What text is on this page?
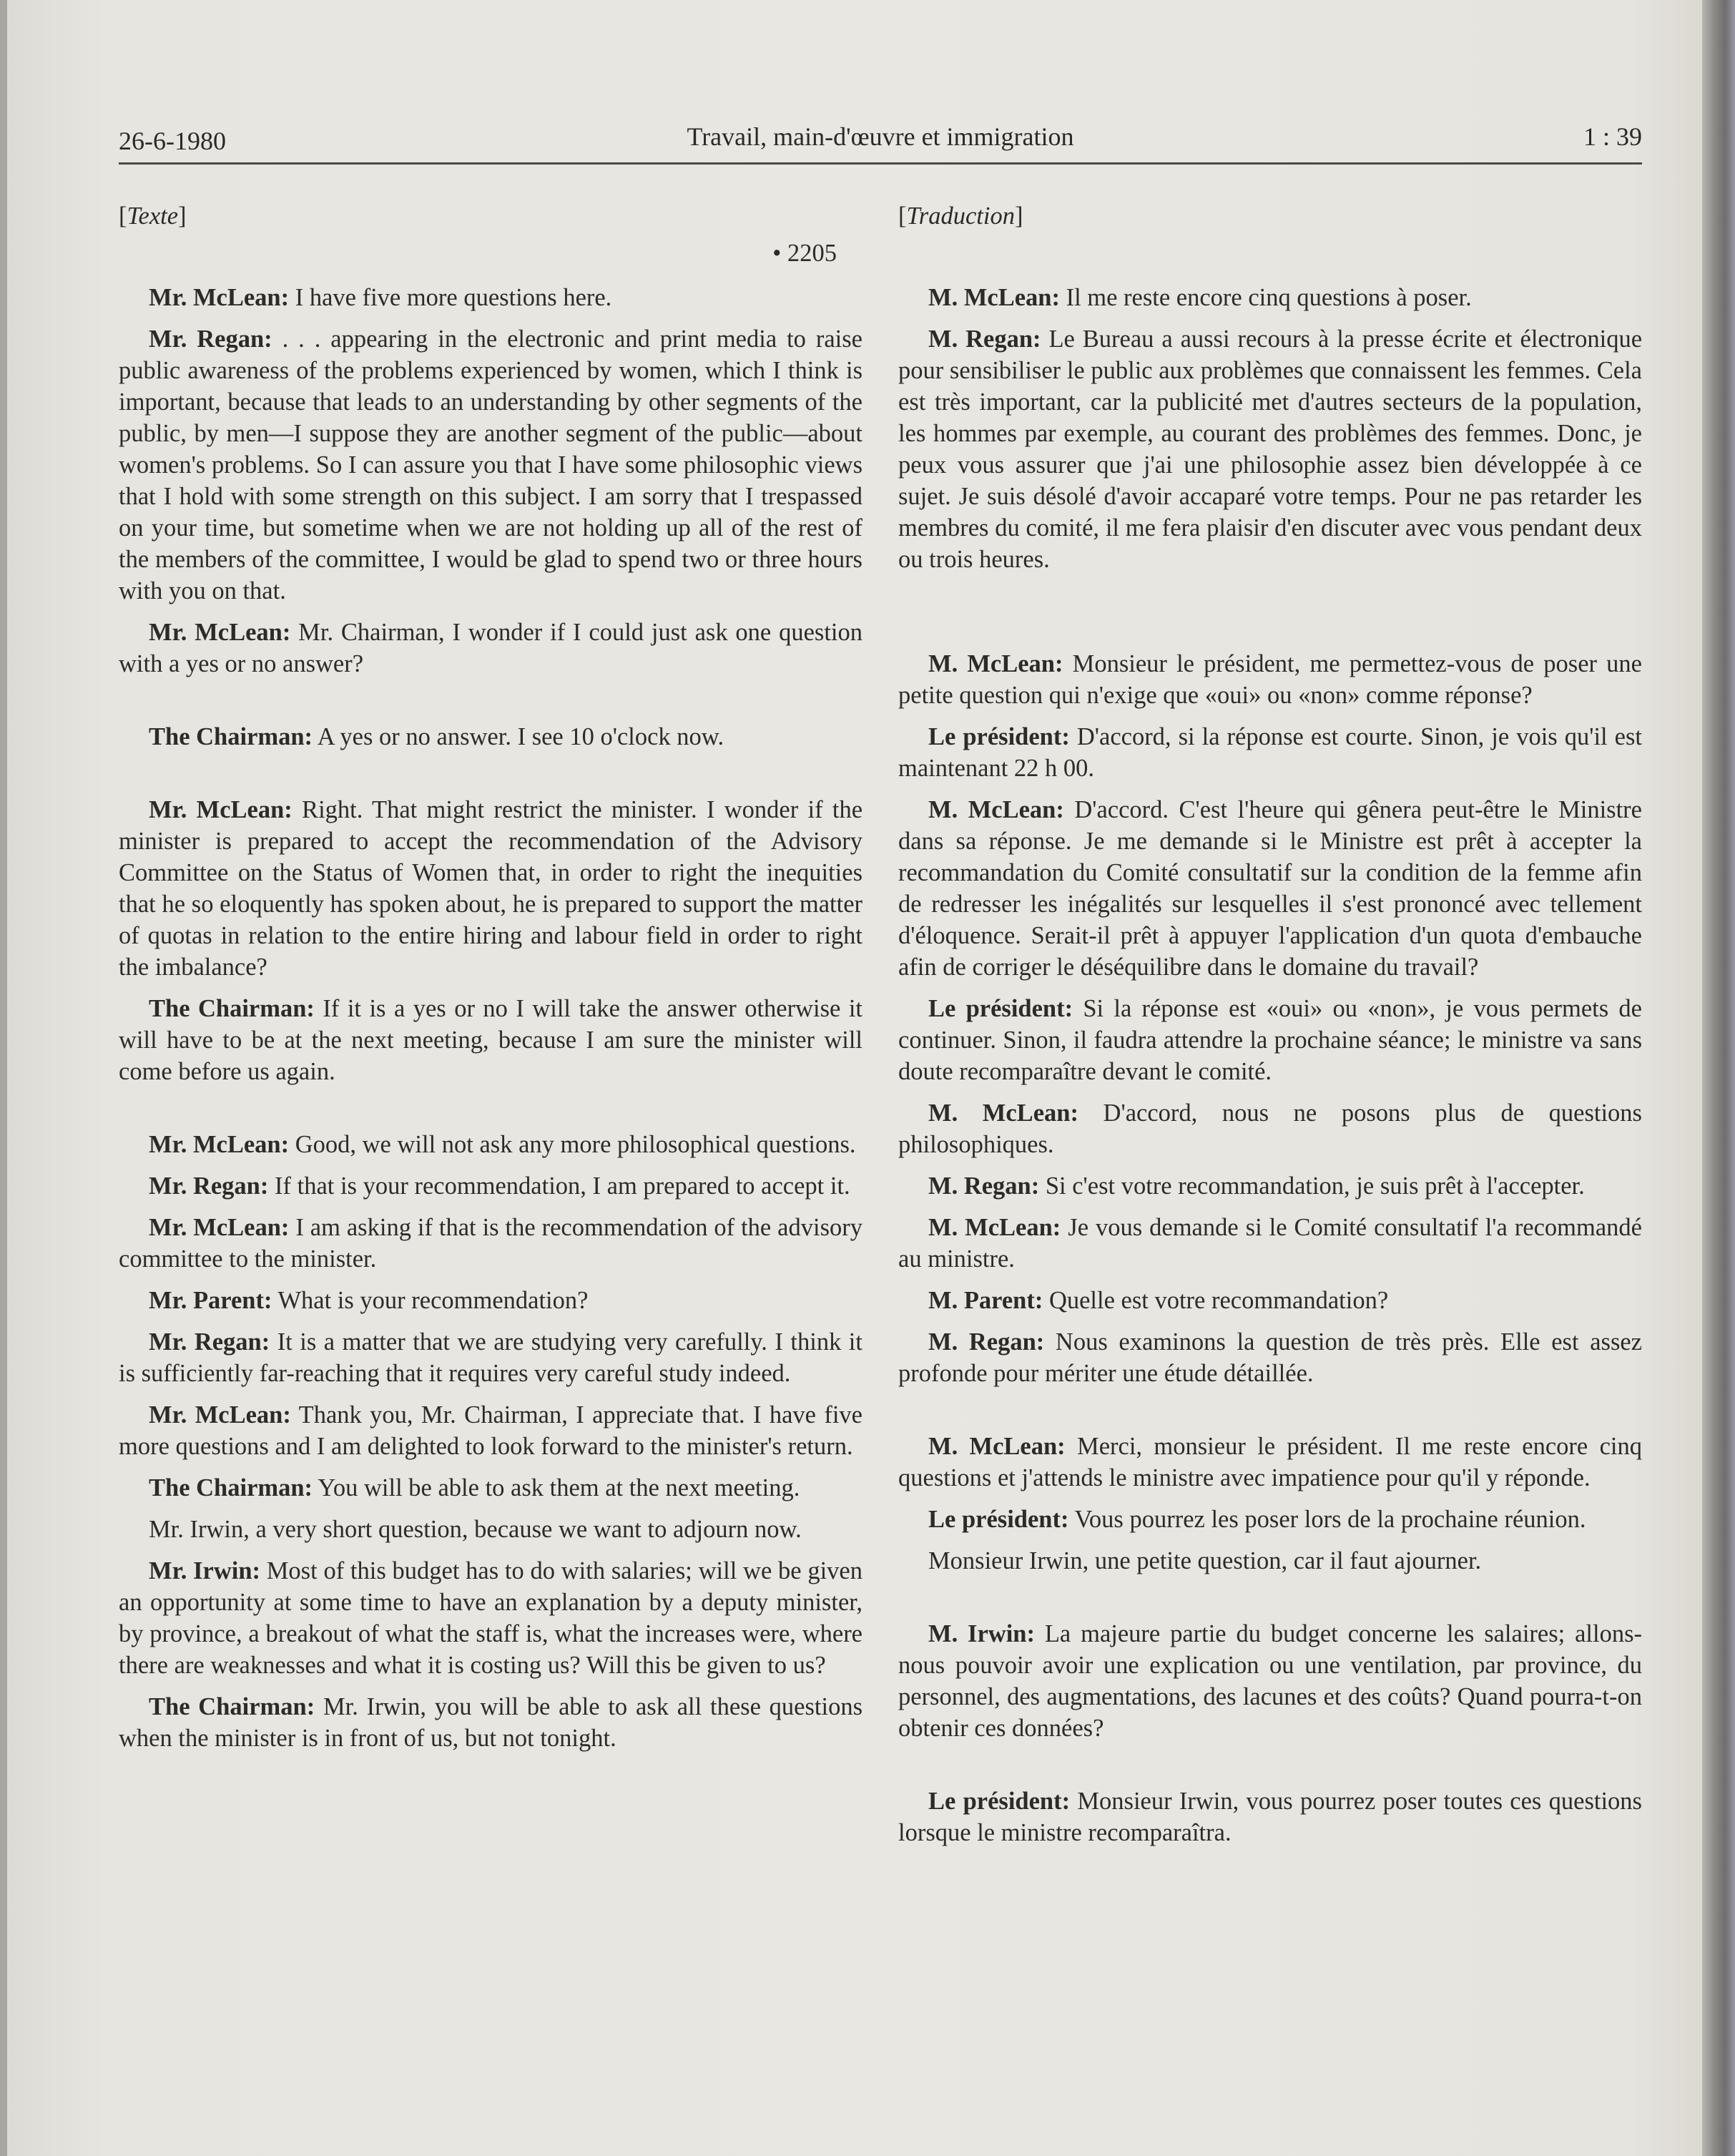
26-6-1980	Travail, main-d'œuvre et immigration	1 : 39
[Texte]
• 2205

Mr. McLean: I have five more questions here.

Mr. Regan: . . . appearing in the electronic and print media to raise public awareness of the problems experienced by women, which I think is important, because that leads to an understanding by other segments of the public, by men—I suppose they are another segment of the public—about women's problems. So I can assure you that I have some philosophic views that I hold with some strength on this subject. I am sorry that I trespassed on your time, but sometime when we are not holding up all of the rest of the members of the committee, I would be glad to spend two or three hours with you on that.

Mr. McLean: Mr. Chairman, I wonder if I could just ask one question with a yes or no answer?

The Chairman: A yes or no answer. I see 10 o'clock now.

Mr. McLean: Right. That might restrict the minister. I wonder if the minister is prepared to accept the recommendation of the Advisory Committee on the Status of Women that, in order to right the inequities that he so eloquently has spoken about, he is prepared to support the matter of quotas in relation to the entire hiring and labour field in order to right the imbalance?

The Chairman: If it is a yes or no I will take the answer otherwise it will have to be at the next meeting, because I am sure the minister will come before us again.

Mr. McLean: Good, we will not ask any more philosophical questions.

Mr. Regan: If that is your recommendation, I am prepared to accept it.

Mr. McLean: I am asking if that is the recommendation of the advisory committee to the minister.

Mr. Parent: What is your recommendation?

Mr. Regan: It is a matter that we are studying very carefully. I think it is sufficiently far-reaching that it requires very careful study indeed.

Mr. McLean: Thank you, Mr. Chairman, I appreciate that. I have five more questions and I am delighted to look forward to the minister's return.

The Chairman: You will be able to ask them at the next meeting.

Mr. Irwin, a very short question, because we want to adjourn now.

Mr. Irwin: Most of this budget has to do with salaries; will we be given an opportunity at some time to have an explanation by a deputy minister, by province, a breakout of what the staff is, what the increases were, where there are weaknesses and what it is costing us? Will this be given to us?

The Chairman: Mr. Irwin, you will be able to ask all these questions when the minister is in front of us, but not tonight.

[Traduction]

M. McLean: Il me reste encore cinq questions à poser.

M. Regan: Le Bureau a aussi recours à la presse écrite et électronique pour sensibiliser le public aux problèmes que connaissent les femmes. Cela est très important, car la publicité met d'autres secteurs de la population, les hommes par exemple, au courant des problèmes des femmes. Donc, je peux vous assurer que j'ai une philosophie assez bien développée à ce sujet. Je suis désolé d'avoir accaparé votre temps. Pour ne pas retarder les membres du comité, il me fera plaisir d'en discuter avec vous pendant deux ou trois heures.

M. McLean: Monsieur le président, me permettez-vous de poser une petite question qui n'exige que «oui» ou «non» comme réponse?

Le président: D'accord, si la réponse est courte. Sinon, je vois qu'il est maintenant 22 h 00.

M. McLean: D'accord. C'est l'heure qui gênera peut-être le Ministre dans sa réponse. Je me demande si le Ministre est prêt à accepter la recommandation du Comité consultatif sur la condition de la femme afin de redresser les inégalités sur lesquelles il s'est prononcé avec tellement d'éloquence. Serait-il prêt à appuyer l'application d'un quota d'embauche afin de corriger le déséquilibre dans le domaine du travail?

Le président: Si la réponse est «oui» ou «non», je vous permets de continuer. Sinon, il faudra attendre la prochaine séance; le ministre va sans doute recomparaître devant le comité.

M. McLean: D'accord, nous ne posons plus de questions philosophiques.

M. Regan: Si c'est votre recommandation, je suis prêt à l'accepter.

M. McLean: Je vous demande si le Comité consultatif l'a recommandé au ministre.

M. Parent: Quelle est votre recommandation?

M. Regan: Nous examinons la question de très près. Elle est assez profonde pour mériter une étude détaillée.

M. McLean: Merci, monsieur le président. Il me reste encore cinq questions et j'attends le ministre avec impatience pour qu'il y réponde.

Le président: Vous pourrez les poser lors de la prochaine réunion.

Monsieur Irwin, une petite question, car il faut ajourner.

M. Irwin: La majeure partie du budget concerne les salaires; allons-nous pouvoir avoir une explication ou une ventilation, par province, du personnel, des augmentations, des lacunes et des coûts? Quand pourra-t-on obtenir ces données?

Le président: Monsieur Irwin, vous pourrez poser toutes ces questions lorsque le ministre recomparaîtra.
